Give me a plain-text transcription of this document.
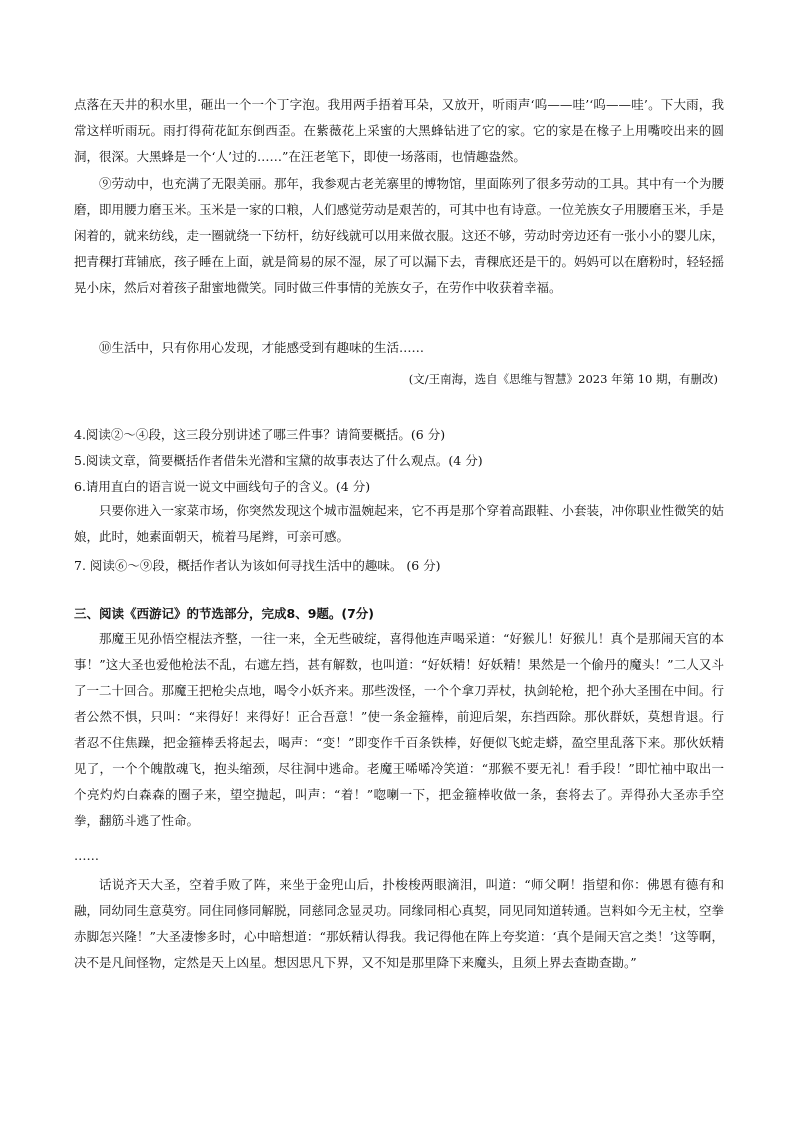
点落在天井的积水里，砸出一个一个丁字泡。我用两手捂着耳朵，又放开，听雨声‘呜——哇’‘呜——哇’。下大雨，我常这样听雨玩。雨打得荷花缸东倒西歪。在紫薇花上采蜜的大黑蜂钻进了它的家。它的家是在椽子上用嘴咬出来的圆洞，很深。大黑蜂是一个‘人’过的……”在汪老笔下，即使一场落雨，也情趣盎然。
⑨劳动中，也充满了无限美丽。那年，我参观古老羌寨里的博物馆，里面陈列了很多劳动的工具。其中有一个为腰磨，即用腰力磨玉米。玉米是一家的口粮，人们感觉劳动是艰苦的，可其中也有诗意。一位羌族女子用腰磨玉米，手是闲着的，就来纺线，走一圈就绕一下纺杆，纺好线就可以用来做衣服。这还不够，劳动时旁边还有一张小小的婴儿床，把青稞打茸铺底，孩子睡在上面，就是简易的尿不湿，尿了可以漏下去，青稞底还是干的。妈妈可以在磨粉时，轻轻摇晃小床，然后对着孩子甜蜜地微笑。同时做三件事情的羌族女子，在劳作中收获着幸福。
⑩生活中，只有你用心发现，才能感受到有趣味的生活……
(文/王南海，选自《思维与智慧》2023 年第 10 期，有删改)
4.阅读②～④段，这三段分别讲述了哪三件事？请简要概括。(6 分)
5.阅读文章，简要概括作者借朱光潜和宝黛的故事表达了什么观点。(4 分)
6.请用直白的语言说一说文中画线句子的含义。(4 分)
只要你进入一家菜市场，你突然发现这个城市温婉起来，它不再是那个穿着高跟鞋、小套装，冲你职业性微笑的姑娘，此时，她素面朝天，梳着马尾辫，可亲可感。
7. 阅读⑥～⑨段，概括作者认为该如何寻找生活中的趣味。 (6 分)
三、阅读《西游记》的节选部分，完成8、9题。(7分)
那魔王见孙悟空棍法齐整，一往一来，全无些破绽，喜得他连声喝采道：“好猴儿！好猴儿！真个是那闹天宫的本事！”这大圣也爱他枪法不乱，右遮左挡，甚有解数，也叫道：“好妖精！好妖精！果然是一个偷丹的魔头！”二人又斗了一二十回合。那魔王把枪尖点地，喝令小妖齐来。那些泼怪，一个个拿刀弄杖，执剑轮枪，把个孙大圣围在中间。行者公然不惧，只叫：“来得好！来得好！正合吾意！”使一条金箍棒，前迎后架，东挡西除。那伙群妖，莫想肯退。行者忍不住焦躁，把金箍棒丢将起去，喝声：“变！”即变作千百条铁棒，好便似飞蛇走蟒，盈空里乱落下来。那伙妖精见了，一个个魄散魂飞，抱头缩颈，尽往洞中逃命。老魔王唏唏冷笑道：“那猴不要无礼！看手段！”即忙袖中取出一个亮灼灼白森森的圈子来，望空抛起，叫声：“着！”唿喇一下，把金箍棒收做一条，套将去了。弄得孙大圣赤手空拳，翻筋斗逃了性命。
……
话说齐天大圣，空着手败了阵，来坐于金兜山后，扑梭梭两眼滴泪，叫道：“师父啊！指望和你：佛恩有德有和融，同幼同生意莫穷。同住同修同解脱，同慈同念显灵功。同缘同相心真契，同见同知道转通。岂料如今无主杖，空拳赤脚怎兴隆！”大圣凄惨多时，心中暗想道：“那妖精认得我。我记得他在阵上夸奖道：‘真个是闹天宫之类！’这等啊，决不是凡间怪物，定然是天上凶星。想因思凡下界，又不知是那里降下来魔头，且须上界去查勘查勘。”
